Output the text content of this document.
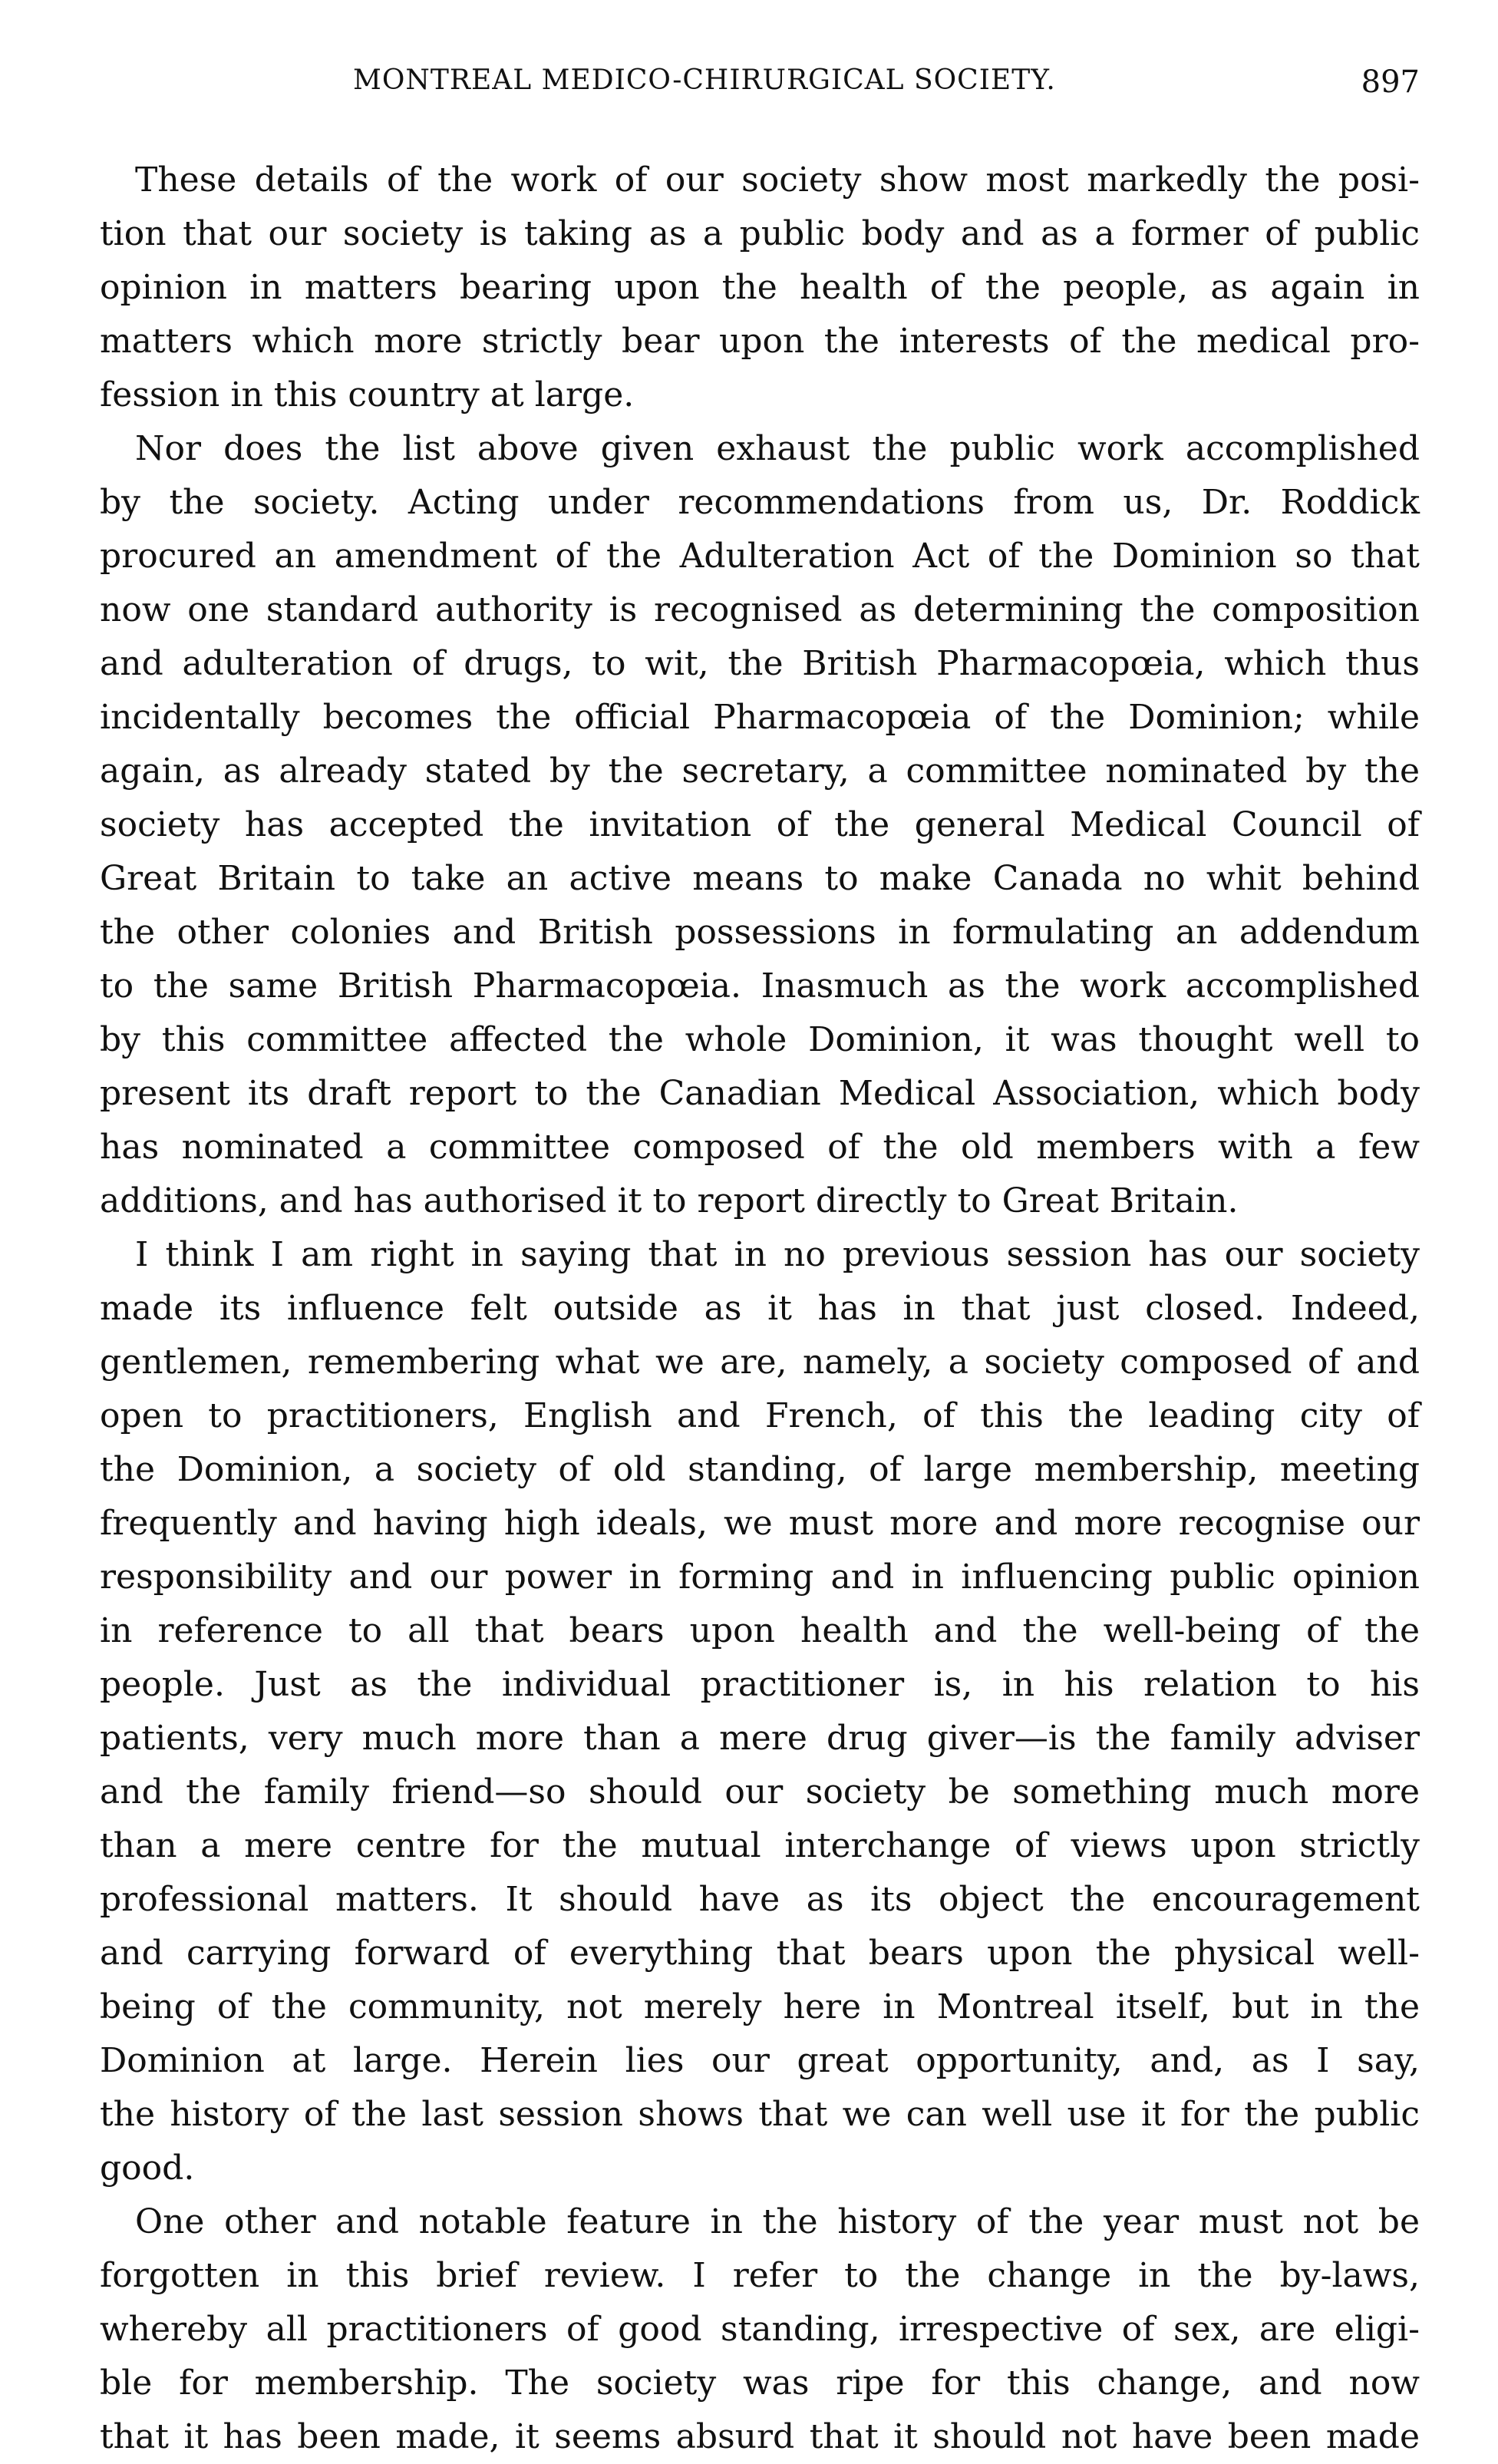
MONTREAL MEDICO-CHIRURGICAL SOCIETY.	897
These details of the work of our society show most markedly the posi-
tion that our society is taking as a public body and as a former of public
opinion in matters bearing upon the health of the people, as again in
matters which more strictly bear upon the interests of the medical pro-
fession in this country at large.
Nor does the list above given exhaust the public work accomplished
by the society. Acting under recommendations from us, Dr. Roddick
procured an amendment of the Adulteration Act of the Dominion so that
now one standard authority is recognised as determining the composition
and adulteration of drugs, to wit, the British Pharmacopœia, which thus
incidentally becomes the official Pharmacopœia of the Dominion; while
again, as already stated by the secretary, a committee nominated by the
society has accepted the invitation of the general Medical Council of
Great Britain to take an active means to make Canada no whit behind
the other colonies and British possessions in formulating an addendum
to the same British Pharmacopœia. Inasmuch as the work accomplished
by this committee affected the whole Dominion, it was thought well to
present its draft report to the Canadian Medical Association, which body
has nominated a committee composed of the old members with a few
additions, and has authorised it to report directly to Great Britain.
I think I am right in saying that in no previous session has our society
made its influence felt outside as it has in that just closed. Indeed,
gentlemen, remembering what we are, namely, a society composed of and
open to practitioners, English and French, of this the leading city of
the Dominion, a society of old standing, of large membership, meeting
frequently and having high ideals, we must more and more recognise our
responsibility and our power in forming and in influencing public opinion
in reference to all that bears upon health and the well-being of the
people. Just as the individual practitioner is, in his relation to his
patients, very much more than a mere drug giver—is the family adviser
and the family friend—so should our society be something much more
than a mere centre for the mutual interchange of views upon strictly
professional matters. It should have as its object the encouragement
and carrying forward of everything that bears upon the physical well-
being of the community, not merely here in Montreal itself, but in the
Dominion at large. Herein lies our great opportunity, and, as I say,
the history of the last session shows that we can well use it for the public
good.
One other and notable feature in the history of the year must not be
forgotten in this brief review. I refer to the change in the by-laws,
whereby all practitioners of good standing, irrespective of sex, are eligi-
ble for membership. The society was ripe for this change, and now
that it has been made, it seems absurd that it should not have been made
